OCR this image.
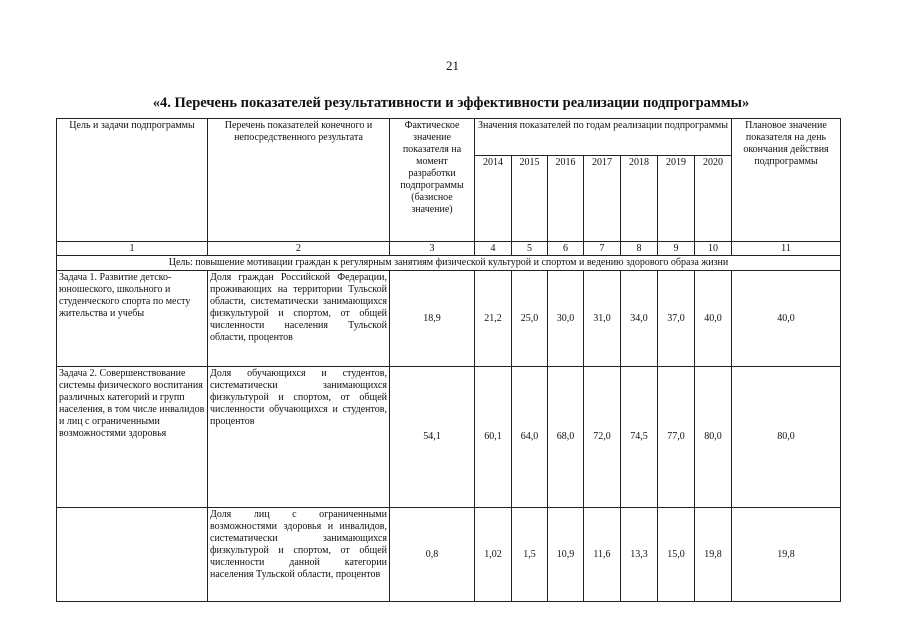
21
«4. Перечень показателей результативности и эффективности реализации подпрограммы»
Цель и задачи подпрограммы	Перечень показателей конечного и непосредственного результата	Фактическое значение показателя на момент разработки подпрограммы (базисное значение)	Значения показателей по годам реализации подпрограммы							Плановое значение показателя на день окончания действия подпрограммы
			2014	2015	2016	2017	2018	2019	2020	
1	2	3	4	5	6	7	8	9	10	11
Цель: повышение мотивации граждан к регулярным занятиям физической культурой и спортом и ведению здорового образа жизни										
Задача 1. Развитие детско-юношеского, школьного и студенческого спорта по месту жительства и учебы	Доля граждан Российской Федерации, проживающих на территории Тульской области, систематически занимающихся физкультурой и спортом, от общей численности населения Тульской области, процентов	18,9	21,2	25,0	30,0	31,0	34,0	37,0	40,0	40,0
Задача 2. Совершенствование системы физического воспитания различных категорий и групп населения, в том числе инвалидов и лиц с ограниченными возможностями здоровья	Доля обучающихся и студентов, систематически занимающихся физкультурой и спортом, от общей численности обучающихся и студентов, процентов	54,1	60,1	64,0	68,0	72,0	74,5	77,0	80,0	80,0
	Доля лиц с ограниченными возможностями здоровья и инвалидов, систематически занимающихся физкультурой и спортом, от общей численности данной категории населения Тульской области, процентов	0,8	1,02	1,5	10,9	11,6	13,3	15,0	19,8	19,8
